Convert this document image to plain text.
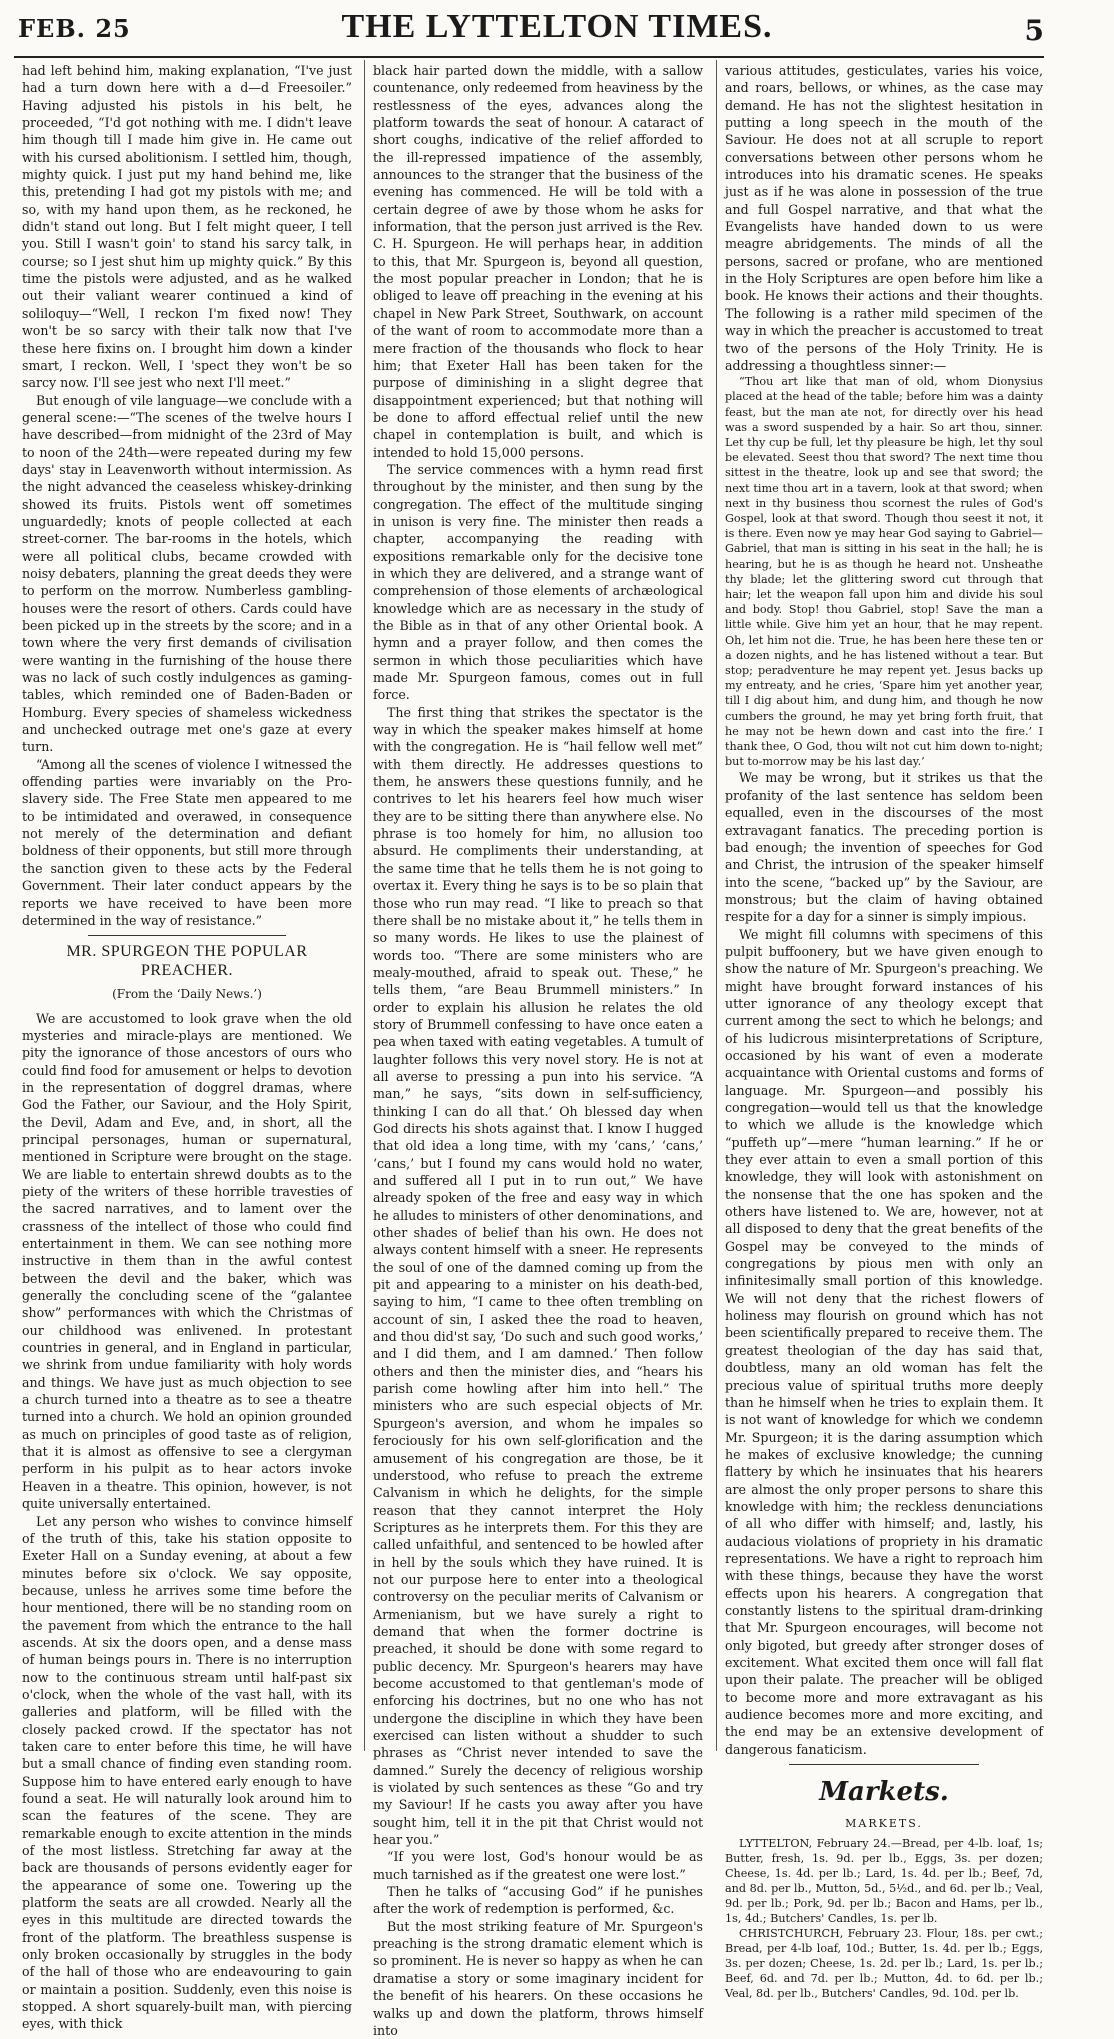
FEB. 25	THE LYTTELTON TIMES.	5

had left behind him, making explanation, “I've just had a turn down here with a d—d Freesoiler.” Having adjusted his pistols in his belt, he proceeded, “I'd got nothing with me. I didn't leave him though till I made him give in. He came out with his cursed abolitionism. I settled him, though, mighty quick. I just put my hand behind me, like this, pretending I had got my pistols with me; and so, with my hand upon them, as he reckoned, he didn't stand out long. But I felt might queer, I tell you. Still I wasn't goin' to stand his sarcy talk, in course; so I jest shut him up mighty quick.” By this time the pistols were adjusted, and as he walked out their valiant wearer continued a kind of soliloquy—“Well, I reckon I'm fixed now! They won't be so sarcy with their talk now that I've these here fixins on. I brought him down a kinder smart, I reckon. Well, I 'spect they won't be so sarcy now. I'll see jest who next I'll meet.”

But enough of vile language—we conclude with a general scene:—“The scenes of the twelve hours I have described—from midnight of the 23rd of May to noon of the 24th—were repeated during my few days' stay in Leavenworth without intermission. As the night advanced the ceaseless whiskey-drinking showed its fruits. Pistols went off sometimes unguardedly; knots of people collected at each street-corner. The bar-rooms in the hotels, which were all political clubs, became crowded with noisy debaters, planning the great deeds they were to perform on the morrow. Numberless gambling-houses were the resort of others. Cards could have been picked up in the streets by the score; and in a town where the very first demands of civilisation were wanting in the furnishing of the house there was no lack of such costly indulgences as gaming-tables, which reminded one of Baden-Baden or Homburg. Every species of shameless wickedness and unchecked outrage met one's gaze at every turn.

“Among all the scenes of violence I witnessed the offending parties were invariably on the Pro-slavery side. The Free State men appeared to me to be intimidated and overawed, in consequence not merely of the determination and defiant boldness of their opponents, but still more through the sanction given to these acts by the Federal Government. Their later conduct appears by the reports we have received to have been more determined in the way of resistance.”

MR. SPURGEON THE POPULAR PREACHER.
(From the ‘Daily News.’)

We are accustomed to look grave when the old mysteries and miracle-plays are mentioned. We pity the ignorance of those ancestors of ours who could find food for amusement or helps to devotion in the representation of doggrel dramas, where God the Father, our Saviour, and the Holy Spirit, the Devil, Adam and Eve, and, in short, all the principal personages, human or supernatural, mentioned in Scripture were brought on the stage. We are liable to entertain shrewd doubts as to the piety of the writers of these horrible travesties of the sacred narratives, and to lament over the crassness of the intellect of those who could find entertainment in them. We can see nothing more instructive in them than in the awful contest between the devil and the baker, which was generally the concluding scene of the “galantee show” performances with which the Christmas of our childhood was enlivened. In protestant countries in general, and in England in particular, we shrink from undue familiarity with holy words and things. We have just as much objection to see a church turned into a theatre as to see a theatre turned into a church. We hold an opinion grounded as much on principles of good taste as of religion, that it is almost as offensive to see a clergyman perform in his pulpit as to hear actors invoke Heaven in a theatre. This opinion, however, is not quite universally entertained.

Let any person who wishes to convince himself of the truth of this, take his station opposite to Exeter Hall on a Sunday evening, at about a few minutes before six o'clock. We say opposite, because, unless he arrives some time before the hour mentioned, there will be no standing room on the pavement from which the entrance to the hall ascends. At six the doors open, and a dense mass of human beings pours in. There is no interruption now to the continuous stream until half-past six o'clock, when the whole of the vast hall, with its galleries and platform, will be filled with the closely packed crowd. If the spectator has not taken care to enter before this time, he will have but a small chance of finding even standing room. Suppose him to have entered early enough to have found a seat. He will naturally look around him to scan the features of the scene. They are remarkable enough to excite attention in the minds of the most listless. Stretching far away at the back are thousands of persons evidently eager for the appearance of some one. Towering up the platform the seats are all crowded. Nearly all the eyes in this multitude are directed towards the front of the platform. The breathless suspense is only broken occasionally by struggles in the body of the hall of those who are endeavouring to gain or maintain a position. Suddenly, even this noise is stopped. A short squarely-built man, with piercing eyes, with thick

black hair parted down the middle, with a sallow countenance, only redeemed from heaviness by the restlessness of the eyes, advances along the platform towards the seat of honour. A cataract of short coughs, indicative of the relief afforded to the ill-repressed impatience of the assembly, announces to the stranger that the business of the evening has commenced. He will be told with a certain degree of awe by those whom he asks for information, that the person just arrived is the Rev. C. H. Spurgeon. He will perhaps hear, in addition to this, that Mr. Spurgeon is, beyond all question, the most popular preacher in London; that he is obliged to leave off preaching in the evening at his chapel in New Park Street, Southwark, on account of the want of room to accommodate more than a mere fraction of the thousands who flock to hear him; that Exeter Hall has been taken for the purpose of diminishing in a slight degree that disappointment experienced; but that nothing will be done to afford effectual relief until the new chapel in contemplation is built, and which is intended to hold 15,000 persons.

The service commences with a hymn read first throughout by the minister, and then sung by the congregation. The effect of the multitude singing in unison is very fine. The minister then reads a chapter, accompanying the reading with expositions remarkable only for the decisive tone in which they are delivered, and a strange want of comprehension of those elements of archæological knowledge which are as necessary in the study of the Bible as in that of any other Oriental book. A hymn and a prayer follow, and then comes the sermon in which those peculiarities which have made Mr. Spurgeon famous, comes out in full force.

The first thing that strikes the spectator is the way in which the speaker makes himself at home with the congregation. He is “hail fellow well met” with them directly. He addresses questions to them, he answers these questions funnily, and he contrives to let his hearers feel how much wiser they are to be sitting there than anywhere else. No phrase is too homely for him, no allusion too absurd. He compliments their understanding, at the same time that he tells them he is not going to overtax it. Every thing he says is to be so plain that those who run may read. “I like to preach so that there shall be no mistake about it,” he tells them in so many words. He likes to use the plainest of words too. “There are some ministers who are mealy-mouthed, afraid to speak out. These,” he tells them, “are Beau Brummell ministers.” In order to explain his allusion he relates the old story of Brummell confessing to have once eaten a pea when taxed with eating vegetables. A tumult of laughter follows this very novel story. He is not at all averse to pressing a pun into his service. “A man,” he says, “sits down in self-sufficiency, thinking I can do all that.’ Oh blessed day when God directs his shots against that. I know I hugged that old idea a long time, with my ‘cans,’ ‘cans,’ ‘cans,’ but I found my cans would hold no water, and suffered all I put in to run out,” We have already spoken of the free and easy way in which he alludes to ministers of other denominations, and other shades of belief than his own. He does not always content himself with a sneer. He represents the soul of one of the damned coming up from the pit and appearing to a minister on his death-bed, saying to him, “I came to thee often trembling on account of sin, I asked thee the road to heaven, and thou did'st say, ‘Do such and such good works,’ and I did them, and I am damned.’ Then follow others and then the minister dies, and “hears his parish come howling after him into hell.” The ministers who are such especial objects of Mr. Spurgeon's aversion, and whom he impales so ferociously for his own self-glorification and the amusement of his congregation are those, be it understood, who refuse to preach the extreme Calvanism in which he delights, for the simple reason that they cannot interpret the Holy Scriptures as he interprets them. For this they are called unfaithful, and sentenced to be howled after in hell by the souls which they have ruined. It is not our purpose here to enter into a theological controversy on the peculiar merits of Calvanism or Armenianism, but we have surely a right to demand that when the former doctrine is preached, it should be done with some regard to public decency. Mr. Spurgeon's hearers may have become accustomed to that gentleman's mode of enforcing his doctrines, but no one who has not undergone the discipline in which they have been exercised can listen without a shudder to such phrases as “Christ never intended to save the damned.” Surely the decency of religious worship is violated by such sentences as these “Go and try my Saviour! If he casts you away after you have sought him, tell it in the pit that Christ would not hear you.”

“If you were lost, God's honour would be as much tarnished as if the greatest one were lost.”

Then he talks of “accusing God” if he punishes after the work of redemption is performed, &c.

But the most striking feature of Mr. Spurgeon's preaching is the strong dramatic element which is so prominent. He is never so happy as when he can dramatise a story or some imaginary incident for the benefit of his hearers. On these occasions he walks up and down the platform, throws himself into

various attitudes, gesticulates, varies his voice, and roars, bellows, or whines, as the case may demand. He has not the slightest hesitation in putting a long speech in the mouth of the Saviour. He does not at all scruple to report conversations between other persons whom he introduces into his dramatic scenes. He speaks just as if he was alone in possession of the true and full Gospel narrative, and that what the Evangelists have handed down to us were meagre abridgements. The minds of all the persons, sacred or profane, who are mentioned in the Holy Scriptures are open before him like a book. He knows their actions and their thoughts. The following is a rather mild specimen of the way in which the preacher is accustomed to treat two of the persons of the Holy Trinity. He is addressing a thoughtless sinner:—

“Thou art like that man of old, whom Dionysius placed at the head of the table; before him was a dainty feast, but the man ate not, for directly over his head was a sword suspended by a hair. So art thou, sinner. Let thy cup be full, let thy pleasure be high, let thy soul be elevated. Seest thou that sword? The next time thou sittest in the theatre, look up and see that sword; the next time thou art in a tavern, look at that sword; when next in thy business thou scornest the rules of God's Gospel, look at that sword. Though thou seest it not, it is there. Even now ye may hear God saying to Gabriel—Gabriel, that man is sitting in his seat in the hall; he is hearing, but he is as though he heard not. Unsheathe thy blade; let the glittering sword cut through that hair; let the weapon fall upon him and divide his soul and body. Stop! thou Gabriel, stop! Save the man a little while. Give him yet an hour, that he may repent. Oh, let him not die. True, he has been here these ten or a dozen nights, and he has listened without a tear. But stop; peradventure he may repent yet. Jesus backs up my entreaty, and he cries, ‘Spare him yet another year, till I dig about him, and dung him, and though he now cumbers the ground, he may yet bring forth fruit, that he may not be hewn down and cast into the fire.’ I thank thee, O God, thou wilt not cut him down to-night; but to-morrow may be his last day.’

We may be wrong, but it strikes us that the profanity of the last sentence has seldom been equalled, even in the discourses of the most extravagant fanatics. The preceding portion is bad enough; the invention of speeches for God and Christ, the intrusion of the speaker himself into the scene, “backed up” by the Saviour, are monstrous; but the claim of having obtained respite for a day for a sinner is simply impious.

We might fill columns with specimens of this pulpit buffoonery, but we have given enough to show the nature of Mr. Spurgeon's preaching. We might have brought forward instances of his utter ignorance of any theology except that current among the sect to which he belongs; and of his ludicrous misinterpretations of Scripture, occasioned by his want of even a moderate acquaintance with Oriental customs and forms of language. Mr. Spurgeon—and possibly his congregation—would tell us that the knowledge to which we allude is the knowledge which “puffeth up”—mere “human learning.” If he or they ever attain to even a small portion of this knowledge, they will look with astonishment on the nonsense that the one has spoken and the others have listened to. We are, however, not at all disposed to deny that the great benefits of the Gospel may be conveyed to the minds of congregations by pious men with only an infinitesimally small portion of this knowledge. We will not deny that the richest flowers of holiness may flourish on ground which has not been scientifically prepared to receive them. The greatest theologian of the day has said that, doubtless, many an old woman has felt the precious value of spiritual truths more deeply than he himself when he tries to explain them. It is not want of knowledge for which we condemn Mr. Spurgeon; it is the daring assumption which he makes of exclusive knowledge; the cunning flattery by which he insinuates that his hearers are almost the only proper persons to share this knowledge with him; the reckless denunciations of all who differ with himself; and, lastly, his audacious violations of propriety in his dramatic representations. We have a right to reproach him with these things, because they have the worst effects upon his hearers. A congregation that constantly listens to the spiritual dram-drinking that Mr. Spurgeon encourages, will become not only bigoted, but greedy after stronger doses of excitement. What excited them once will fall flat upon their palate. The preacher will be obliged to become more and more extravagant as his audience becomes more and more exciting, and the end may be an extensive development of dangerous fanaticism.

Markets.
MARKETS.

LYTTELTON, February 24.—Bread, per 4-lb. loaf, 1s; Butter, fresh, 1s. 9d. per lb., Eggs, 3s. per dozen; Cheese, 1s. 4d. per lb.; Lard, 1s. 4d. per lb.; Beef, 7d, and 8d. per lb., Mutton, 5d., 5½d., and 6d. per lb.; Veal, 9d. per lb.; Pork, 9d. per lb.; Bacon and Hams, per lb., 1s, 4d.; Butchers' Candles, 1s. per lb.

CHRISTCHURCH, February 23. Flour, 18s. per cwt.; Bread, per 4-lb loaf, 10d.; Butter, 1s. 4d. per lb.; Eggs, 3s. per dozen; Cheese, 1s. 2d. per lb.; Lard, 1s. per lb.; Beef, 6d. and 7d. per lb.; Mutton, 4d. to 6d. per lb.; Veal, 8d. per lb., Butchers' Candles, 9d. 10d. per lb.
